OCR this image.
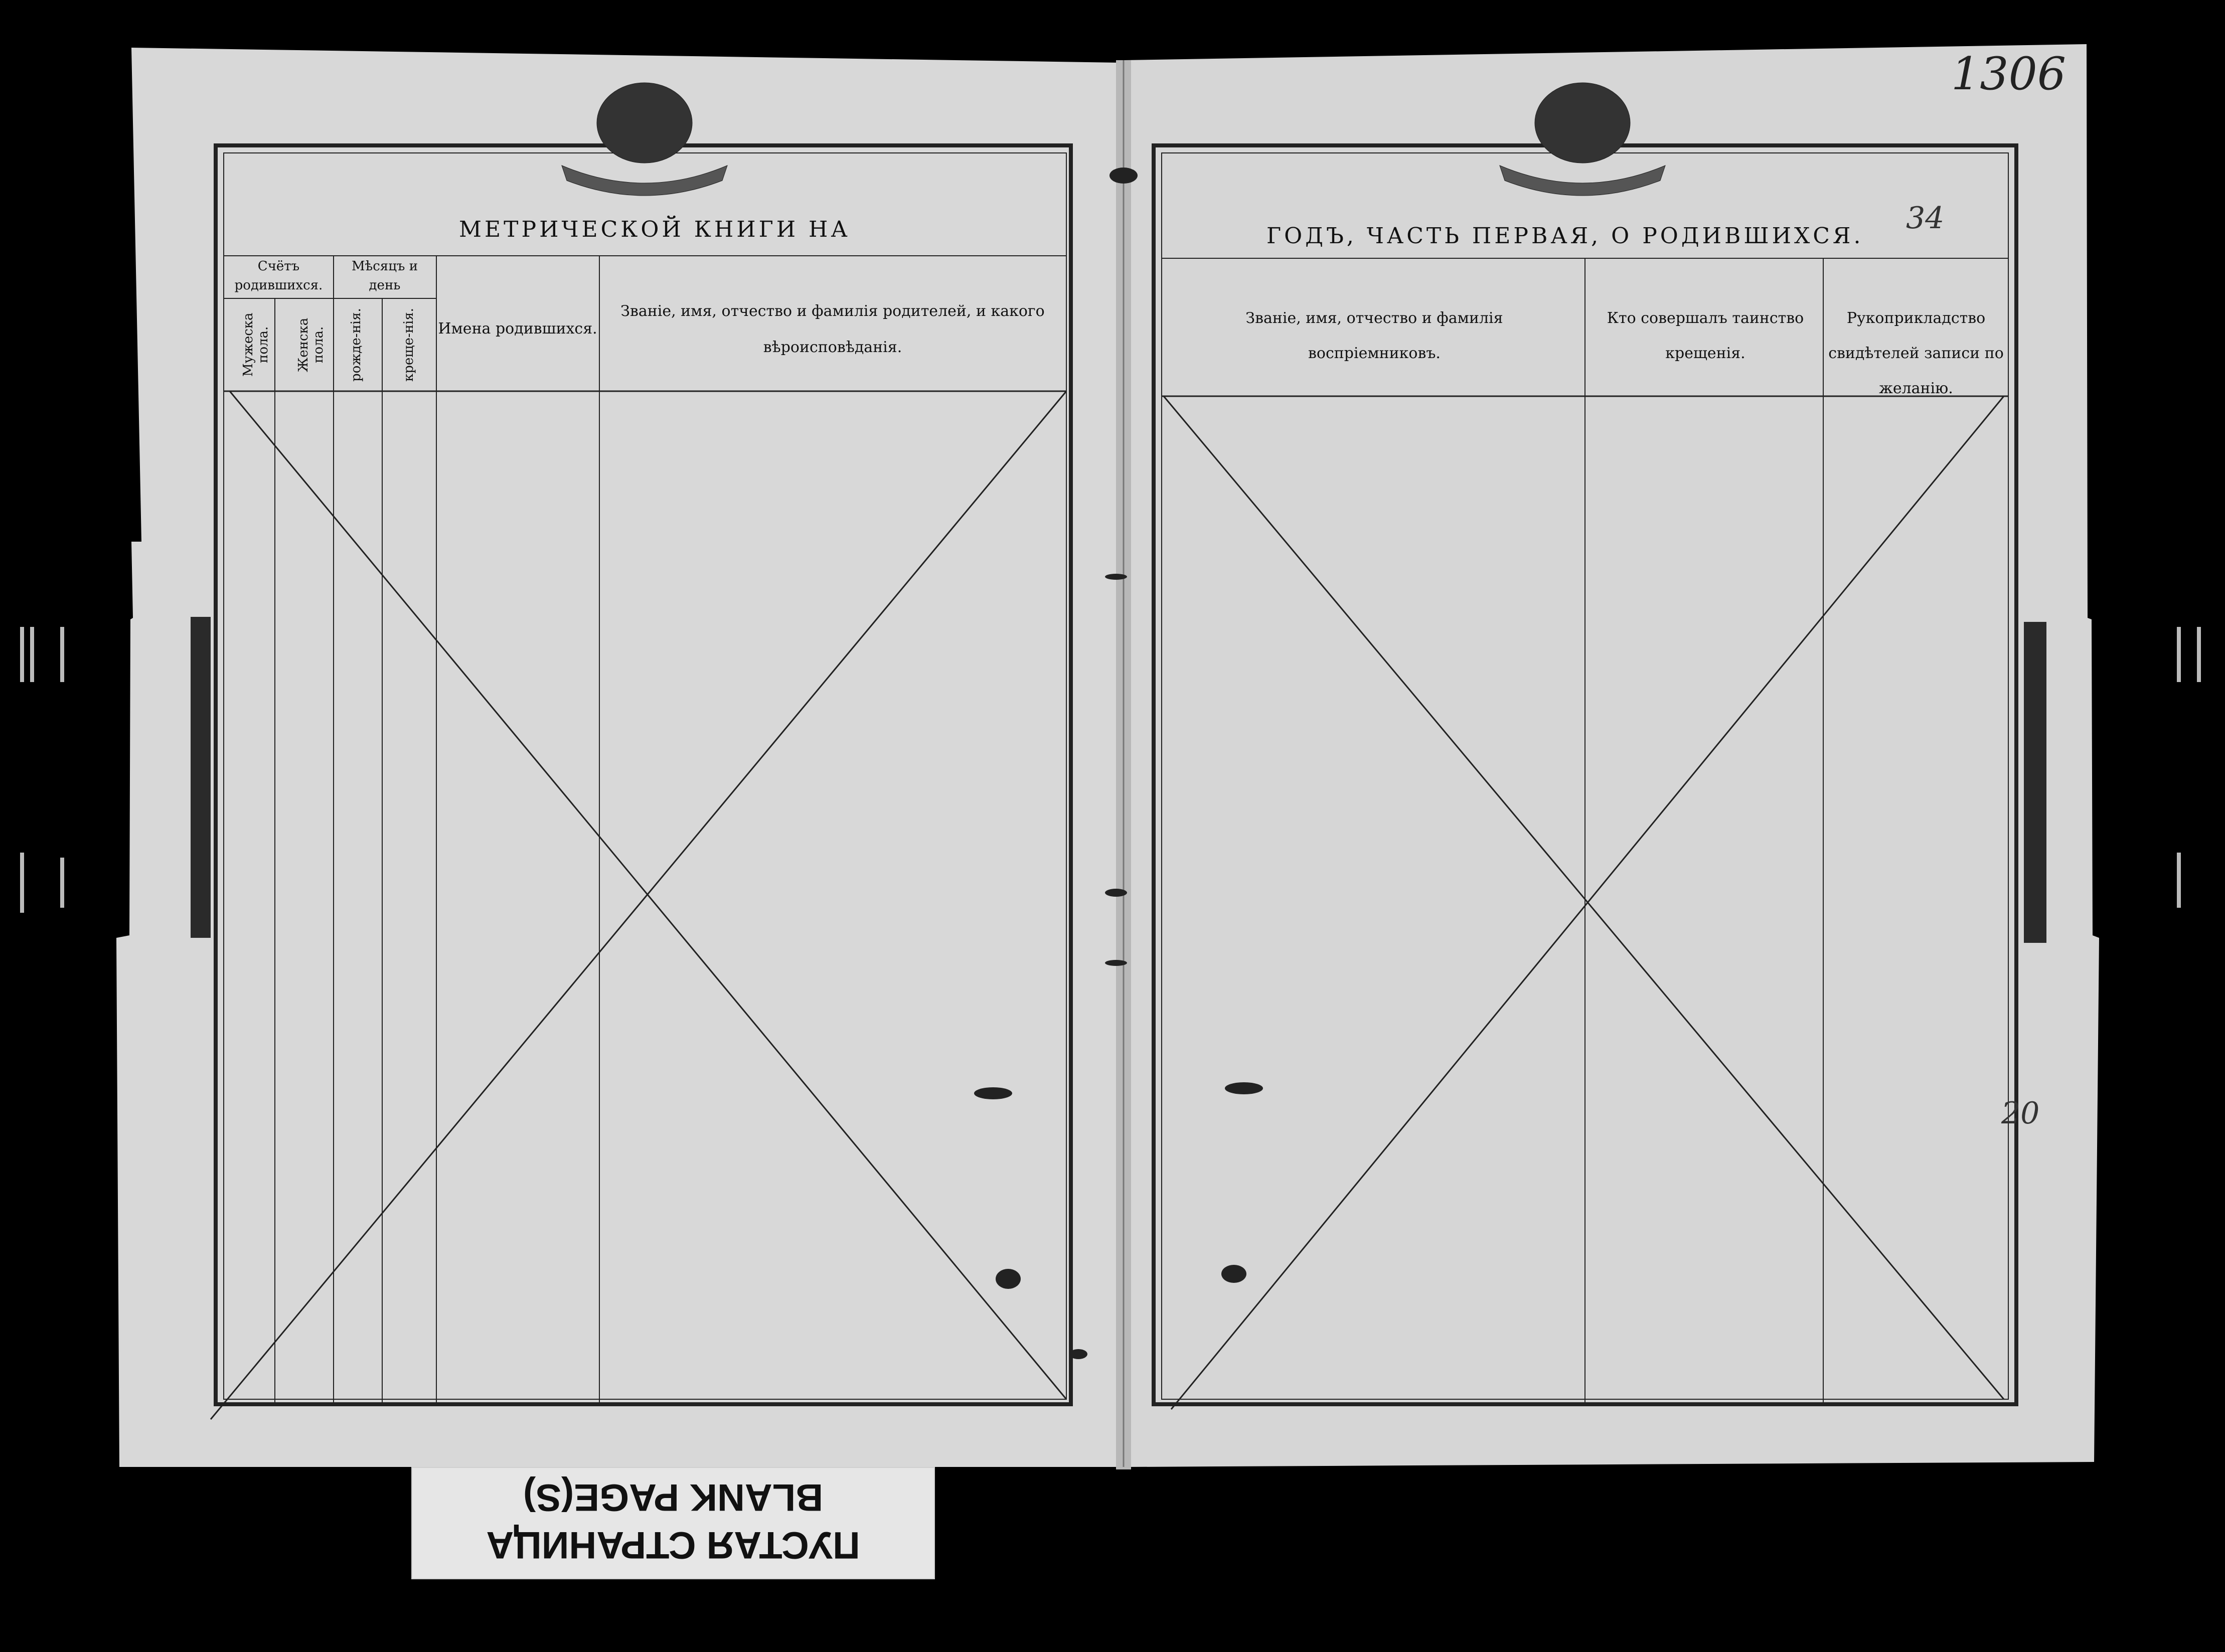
1306
34
20
МЕТРИЧЕСКОЙ КНИГИ НА	ГОДЪ, ЧАСТЬ ПЕРВАЯ, О РОДИВШИХСЯ.
Счётъ родившихся.
Мѣсяцъ и день
Мужеска пола. Женска пола. рожде-нія.	креще-нія. Имена родившихся.
Званіе, имя, отчество и фамилія родителей, и какого вѣроисповѣданія.
Званіе, имя, отчество и фамилія воспріемниковъ.
Кто совершалъ таинство крещенія.
Рукоприкладство свидѣтелей записи по желанію.
BLANK PAGE(S)
ПУСТАЯ СТРАНИЦА
